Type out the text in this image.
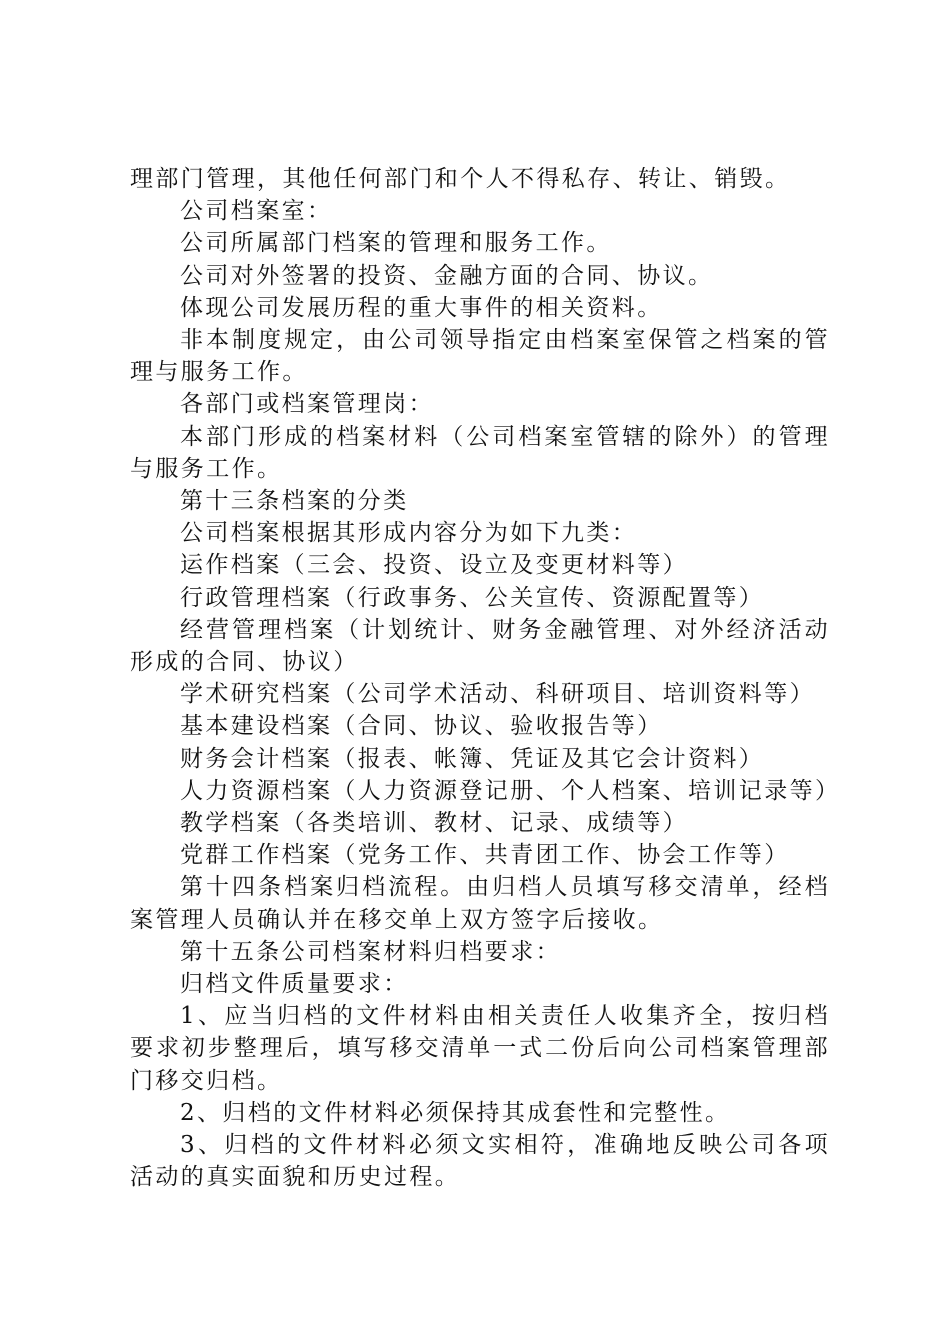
理部门管理，其他任何部门和个人不得私存、转让、销毁。

公司档案室：

公司所属部门档案的管理和服务工作。

公司对外签署的投资、金融方面的合同、协议。

体现公司发展历程的重大事件的相关资料。

非本制度规定，由公司领导指定由档案室保管之档案的管理与服务工作。

各部门或档案管理岗：

本部门形成的档案材料（公司档案室管辖的除外）的管理与服务工作。

第十三条档案的分类

公司档案根据其形成内容分为如下九类：

运作档案（三会、投资、设立及变更材料等）

行政管理档案（行政事务、公关宣传、资源配置等）

经营管理档案（计划统计、财务金融管理、对外经济活动形成的合同、协议）

学术研究档案（公司学术活动、科研项目、培训资料等）

基本建设档案（合同、协议、验收报告等）

财务会计档案（报表、帐簿、凭证及其它会计资料）

人力资源档案（人力资源登记册、个人档案、培训记录等）

教学档案（各类培训、教材、记录、成绩等）

党群工作档案（党务工作、共青团工作、协会工作等）

第十四条档案归档流程。由归档人员填写移交清单，经档案管理人员确认并在移交单上双方签字后接收。

第十五条公司档案材料归档要求：

归档文件质量要求：

1、应当归档的文件材料由相关责任人收集齐全，按归档要求初步整理后，填写移交清单一式二份后向公司档案管理部门移交归档。

2、归档的文件材料必须保持其成套性和完整性。

3、归档的文件材料必须文实相符，准确地反映公司各项活动的真实面貌和历史过程。
